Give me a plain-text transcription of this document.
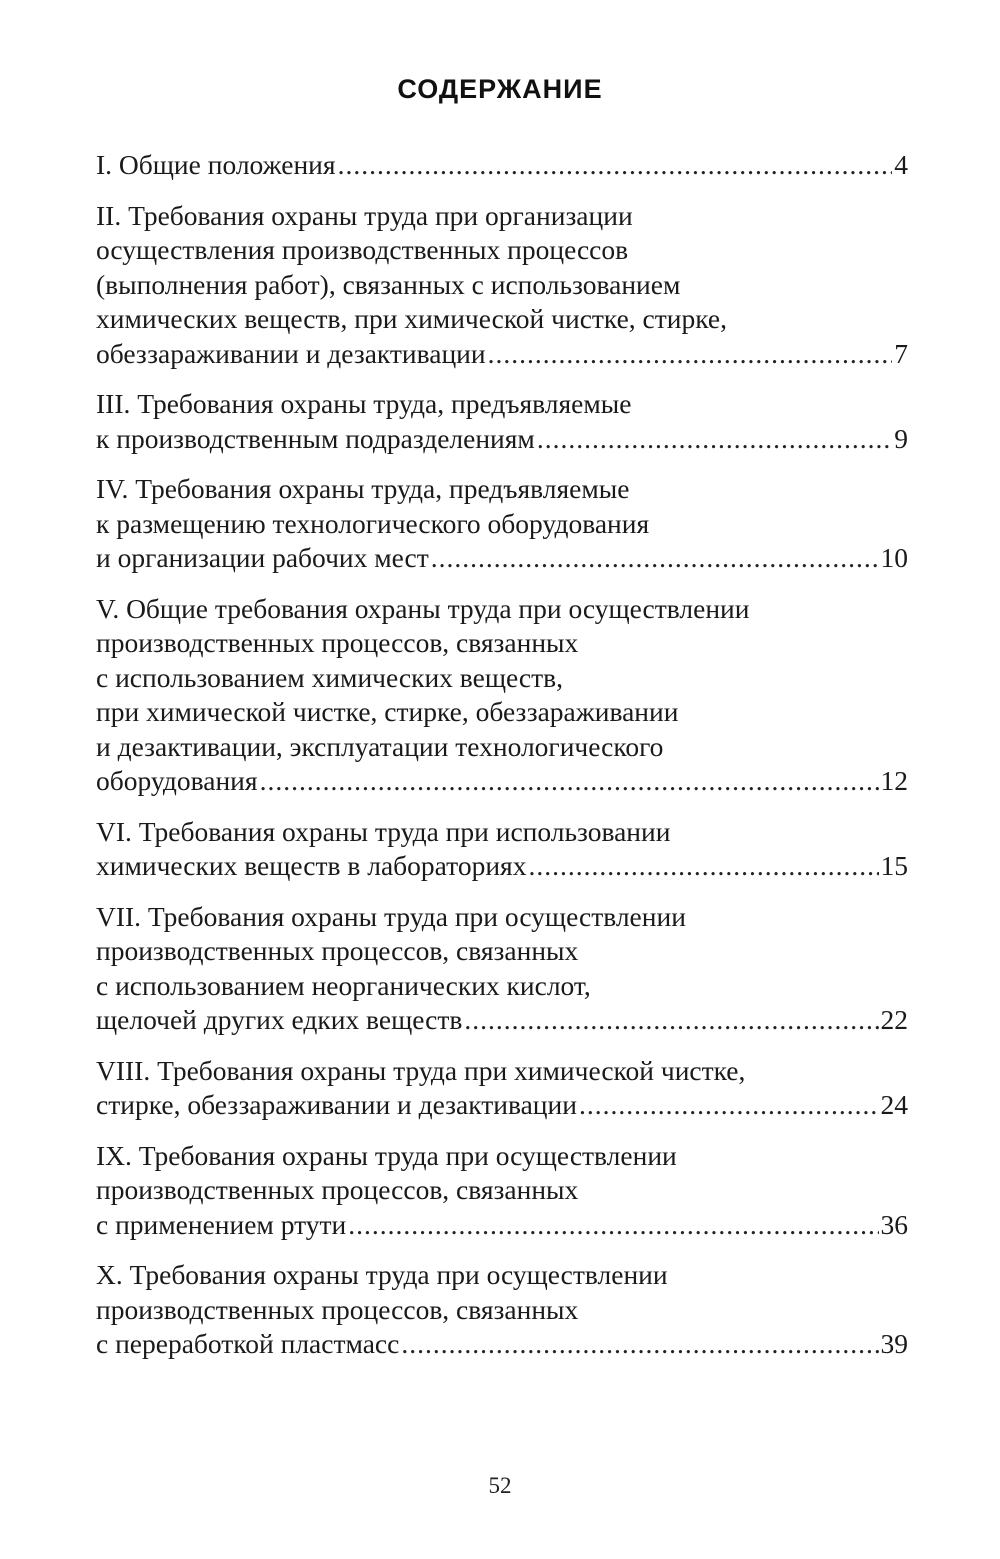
СОДЕРЖАНИЕ
I. Общие положения .....	4
II. Требования охраны труда при организации
осуществления производственных процессов
(выполнения работ), связанных с использованием
химических веществ, при химической чистке, стирке,
обеззараживании и дезактивации .....	7
III. Требования охраны труда, предъявляемые
к производственным подразделениям .....	9
IV. Требования охраны труда, предъявляемые
к размещению технологического оборудования
и организации рабочих мест .....	10
V. Общие требования охраны труда при осуществлении
производственных процессов, связанных
с использованием химических веществ,
при химической чистке, стирке, обеззараживании
и дезактивации, эксплуатации технологического
оборудования .....	12
VI. Требования охраны труда при использовании
химических веществ в лабораториях .....	15
VII. Требования охраны труда при осуществлении
производственных процессов, связанных
с использованием неорганических кислот,
щелочей других едких веществ .....	22
VIII. Требования охраны труда при химической чистке,
стирке, обеззараживании и дезактивации .....	24
IX. Требования охраны труда при осуществлении
производственных процессов, связанных
с применением ртути .....	36
X. Требования охраны труда при осуществлении
производственных процессов, связанных
с переработкой пластмасс .....	39
52
